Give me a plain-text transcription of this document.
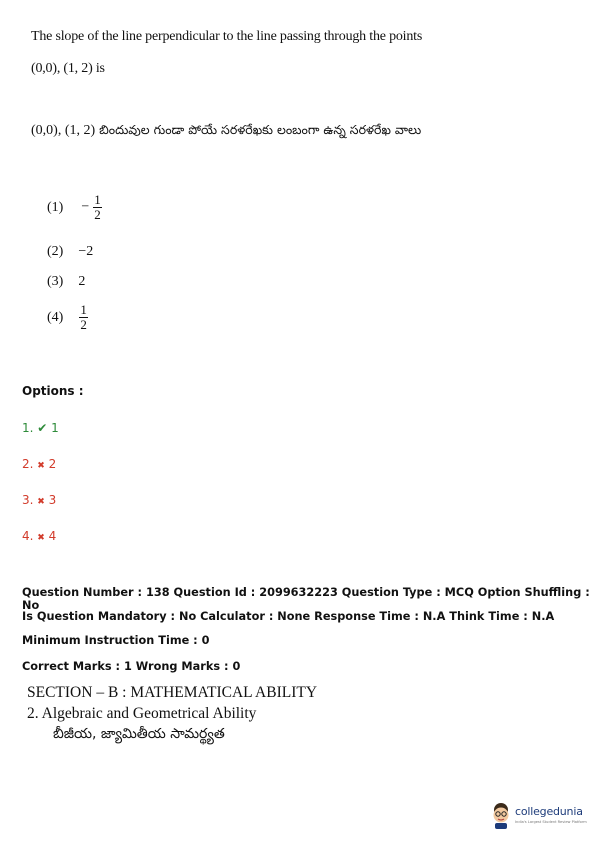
The slope of the line perpendicular to the line passing through the points
(0,0), (1, 2) is
(0,0), (1, 2) బిందువుల గుండా పోయే సరళరేఖకు లంబంగా ఉన్న సరళరేఖ వాలు
$(1) - \frac{1}{2}$
(2) −2
(3) 2
$(4) \frac{1}{2}$
Options :
1. ✔ 1
2. ✖ 2
3. ✖ 3
4. ✖ 4
Question Number : 138 Question Id : 2099632223 Question Type : MCQ Option Shuffling : No
Is Question Mandatory : No Calculator : None Response Time : N.A Think Time : N.A
Minimum Instruction Time : 0
Correct Marks : 1 Wrong Marks : 0
SECTION – B : MATHEMATICAL ABILITY
2. Algebraic and Geometrical Ability
బీజీయ, జ్యామితీయ సామర్థ్యత
collegedunia
India's Largest Student Review Platform
